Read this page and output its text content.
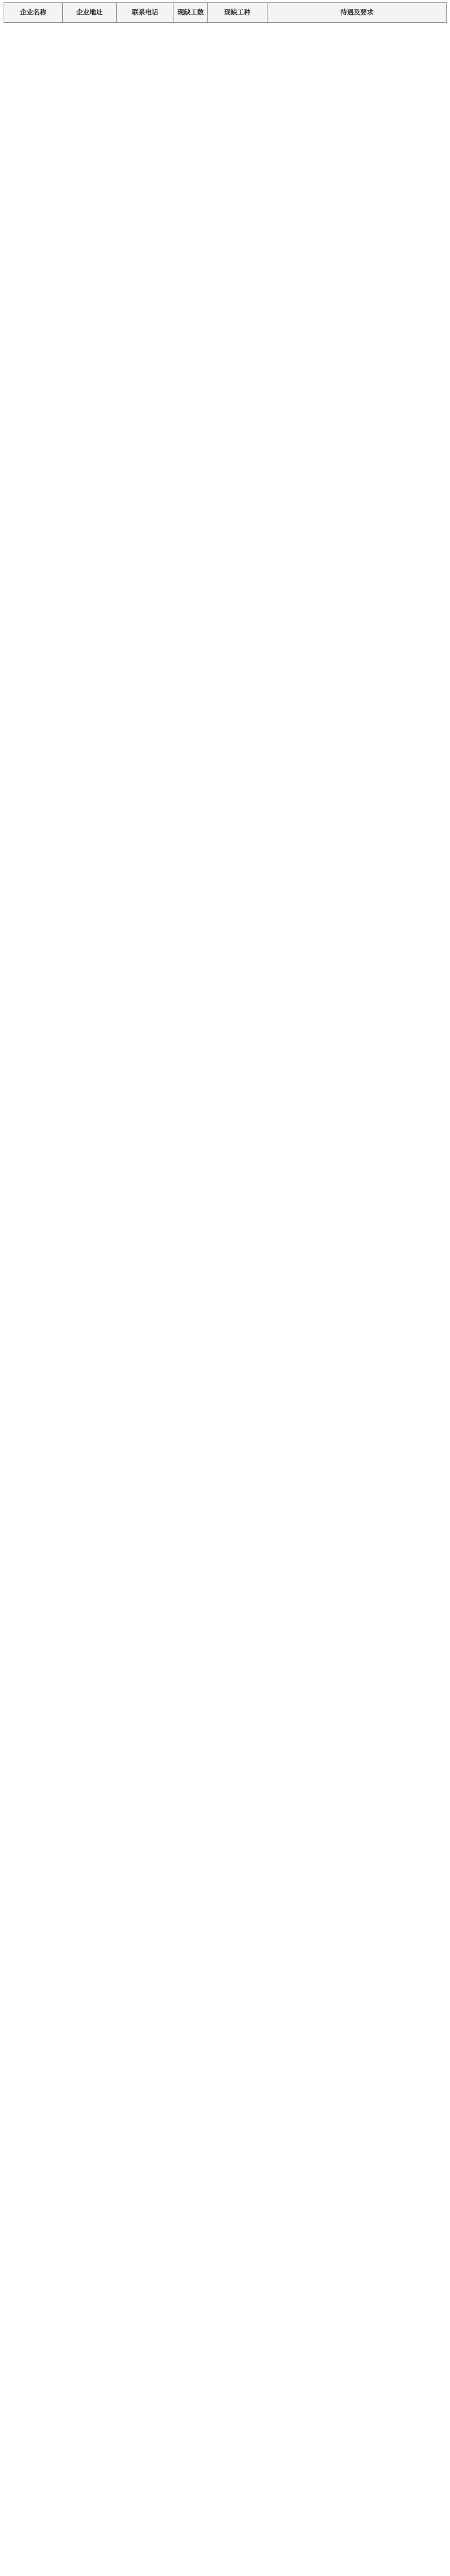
企业名称	企业地址	联系电话	现缺工数	现缺工种	待遇及要求
